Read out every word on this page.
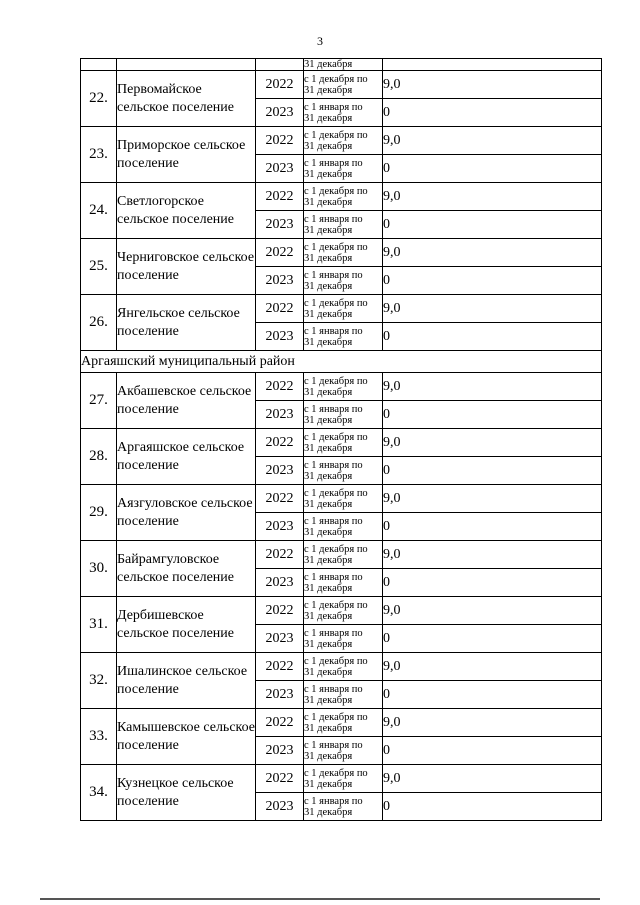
3
			31 декабря	
22.	Первомайское сельское поселение	2022	с 1 декабря по
31 декабря	9,0
		2023	с 1 января по
31 декабря	0
23.	Приморское сельское поселение	2022	с 1 декабря по
31 декабря	9,0
		2023	с 1 января по
31 декабря	0
24.	Светлогорское сельское поселение	2022	с 1 декабря по
31 декабря	9,0
		2023	с 1 января по
31 декабря	0
25.	Черниговское сельское поселение	2022	с 1 декабря по
31 декабря	9,0
		2023	с 1 января по
31 декабря	0
26.	Янгельское сельское поселение	2022	с 1 декабря по
31 декабря	9,0
		2023	с 1 января по
31 декабря	0
Аргаяшский муниципальный район				
27.	Акбашевское сельское поселение	2022	с 1 декабря по
31 декабря	9,0
		2023	с 1 января по
31 декабря	0
28.	Аргаяшское сельское поселение	2022	с 1 декабря по
31 декабря	9,0
		2023	с 1 января по
31 декабря	0
29.	Аязгуловское сельское поселение	2022	с 1 декабря по
31 декабря	9,0
		2023	с 1 января по
31 декабря	0
30.	Байрамгуловское сельское поселение	2022	с 1 декабря по
31 декабря	9,0
		2023	с 1 января по
31 декабря	0
31.	Дербишевское сельское поселение	2022	с 1 декабря по
31 декабря	9,0
		2023	с 1 января по
31 декабря	0
32.	Ишалинское сельское поселение	2022	с 1 декабря по
31 декабря	9,0
		2023	с 1 января по
31 декабря	0
33.	Камышевское сельское поселение	2022	с 1 декабря по
31 декабря	9,0
		2023	с 1 января по
31 декабря	0
34.	Кузнецкое сельское поселение	2022	с 1 декабря по
31 декабря	9,0
		2023	с 1 января по
31 декабря	0
